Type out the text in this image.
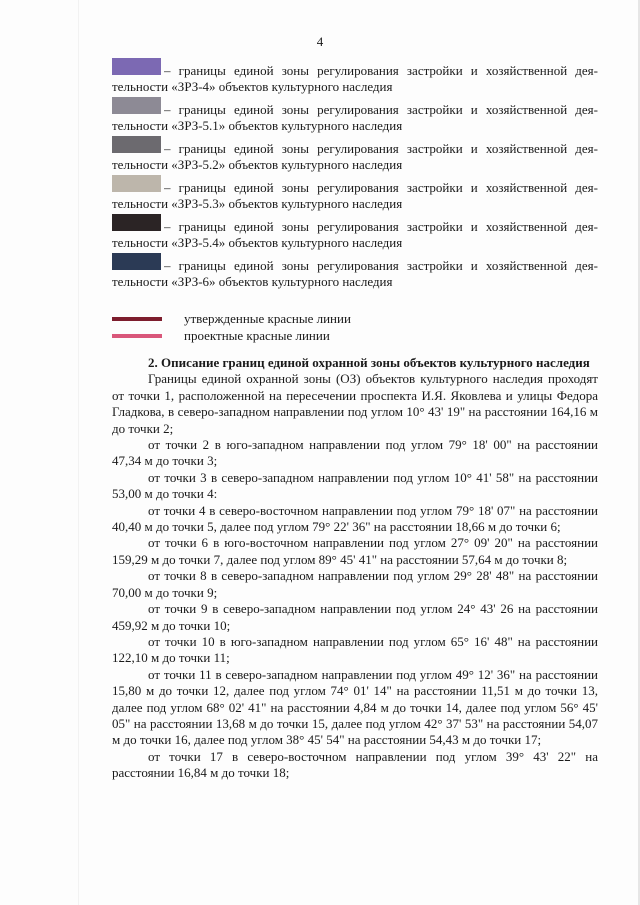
4
– границы единой зоны регулирования застройки и хозяйственной дея-
тельности «ЗРЗ-4» объектов культурного наследия
– границы единой зоны регулирования застройки и хозяйственной дея-
тельности «ЗРЗ-5.1» объектов культурного наследия
– границы единой зоны регулирования застройки и хозяйственной дея-
тельности «ЗРЗ-5.2» объектов культурного наследия
– границы единой зоны регулирования застройки и хозяйственной дея-
тельности «ЗРЗ-5.3» объектов культурного наследия
– границы единой зоны регулирования застройки и хозяйственной дея-
тельности «ЗРЗ-5.4» объектов культурного наследия
– границы единой зоны регулирования застройки и хозяйственной дея-
тельности «ЗРЗ-6» объектов культурного наследия
утвержденные красные линии
проектные красные линии

2. Описание границ единой охранной зоны объектов культурного наследия

Границы единой охранной зоны (ОЗ) объектов культурного наследия проходят от точки 1, расположенной на пересечении проспекта И.Я. Яковлева и улицы Федора Гладкова, в северо-западном направлении под углом 10° 43' 19" на расстоянии 164,16 м до точки 2;

от точки 2 в юго-западном направлении под углом 79° 18' 00" на расстоянии 47,34 м до точки 3;

от точки 3 в северо-западном направлении под углом 10° 41' 58" на расстоянии 53,00 м до точки 4:

от точки 4 в северо-восточном направлении под углом 79° 18' 07" на расстоянии 40,40 м до точки 5, далее под углом 79° 22' 36" на расстоянии 18,66 м до точки 6;

от точки 6 в юго-восточном направлении под углом 27° 09' 20" на расстоянии 159,29 м до точки 7, далее под углом 89° 45' 41" на расстоянии 57,64 м до точки 8;

от точки 8 в северо-западном направлении под углом 29° 28' 48" на расстоянии 70,00 м до точки 9;

от точки 9 в северо-западном направлении под углом 24° 43' 26 на расстоянии 459,92 м до точки 10;

от точки 10 в юго-западном направлении под углом 65° 16' 48" на расстоянии 122,10 м до точки 11;

от точки 11 в северо-западном направлении под углом 49° 12' 36" на расстоянии 15,80 м до точки 12, далее под углом 74° 01' 14" на расстоянии 11,51 м до точки 13, далее под углом 68° 02' 41" на расстоянии 4,84 м до точки 14, далее под углом 56° 45' 05" на расстоянии 13,68 м до точки 15, далее под углом 42° 37' 53" на расстоянии 54,07 м до точки 16, далее под углом 38° 45' 54" на расстоянии 54,43 м до точки 17;

от точки 17 в северо-восточном направлении под углом 39° 43' 22" на расстоянии 16,84 м до точки 18;
